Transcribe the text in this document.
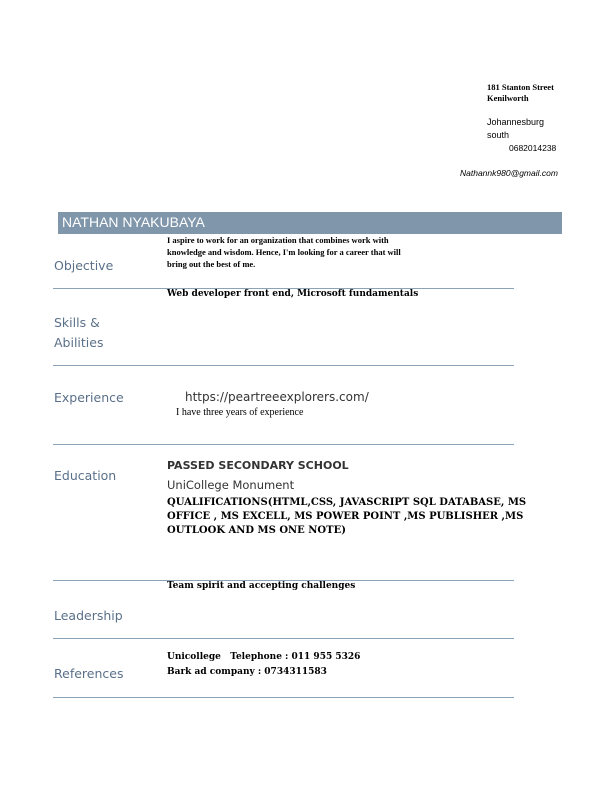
181 Stanton Street
Kenilworth
Johannesburg
south
0682014238
Nathannk980@gmail.com
NATHAN NYAKUBAYA
I aspire to work for an organization that combines work with
knowledge and wisdom. Hence, I'm looking for a career that will
bring out the best of me.
Objective
Web developer front end, Microsoft fundamentals
Skills &
Abilities
Experience	https://peartreeexplorers.com/
I have three years of experience
Education
PASSED SECONDARY SCHOOL
UniCollege Monument
QUALIFICATIONS(HTML,CSS, JAVASCRIPT SQL DATABASE, MS
OFFICE , MS EXCELL, MS POWER POINT ,MS PUBLISHER ,MS
OUTLOOK AND MS ONE NOTE)
Team spirit and accepting challenges
Leadership
Unicollege   Telephone : 011 955 5326
Bark ad company : 0734311583
References
